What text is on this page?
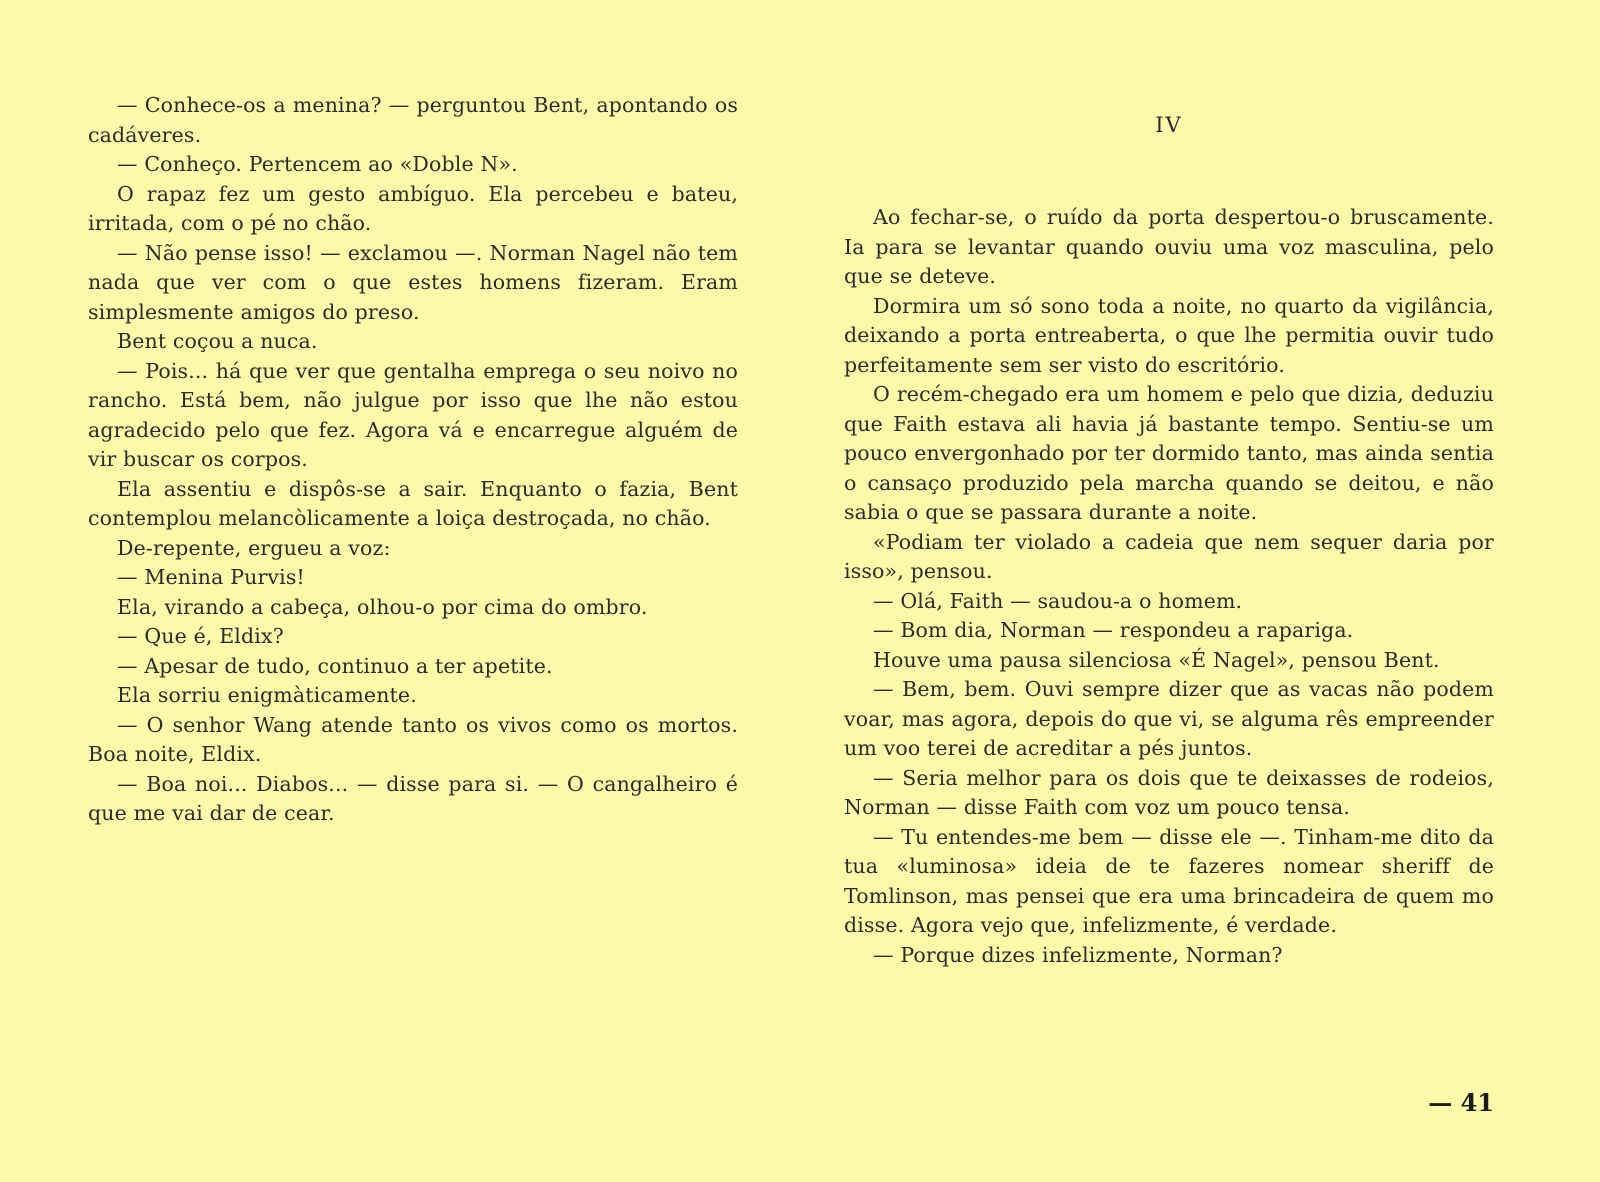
— Conhece-os a menina? — perguntou Bent, apontando os cadáveres.

— Conheço. Pertencem ao «Doble N».

O rapaz fez um gesto ambíguo. Ela percebeu e bateu, irritada, com o pé no chão.

— Não pense isso! — exclamou —. Norman Nagel não tem nada que ver com o que estes homens fizeram. Eram simplesmente amigos do preso.

Bent coçou a nuca.

— Pois... há que ver que gentalha emprega o seu noivo no rancho. Está bem, não julgue por isso que lhe não estou agradecido pelo que fez. Agora vá e encarregue alguém de vir buscar os corpos.

Ela assentiu e dispôs-se a sair. Enquanto o fazia, Bent contemplou melancòlicamente a loiça destroçada, no chão.

De-repente, ergueu a voz:

— Menina Purvis!

Ela, virando a cabeça, olhou-o por cima do ombro.

— Que é, Eldix?

— Apesar de tudo, continuo a ter apetite.

Ela sorriu enigmàticamente.

— O senhor Wang atende tanto os vivos como os mortos. Boa noite, Eldix.

— Boa noi... Diabos... — disse para si. — O cangalheiro é que me vai dar de cear.

IV

Ao fechar-se, o ruído da porta despertou-o bruscamente. Ia para se levantar quando ouviu uma voz masculina, pelo que se deteve.

Dormira um só sono toda a noite, no quarto da vigilância, deixando a porta entreaberta, o que lhe permitia ouvir tudo perfeitamente sem ser visto do escritório.

O recém-chegado era um homem e pelo que dizia, deduziu que Faith estava ali havia já bastante tempo. Sentiu-se um pouco envergonhado por ter dormido tanto, mas ainda sentia o cansaço produzido pela marcha quando se deitou, e não sabia o que se passara durante a noite.

«Podiam ter violado a cadeia que nem sequer daria por isso», pensou.

— Olá, Faith — saudou-a o homem.

— Bom dia, Norman — respondeu a rapariga.

Houve uma pausa silenciosa «É Nagel», pensou Bent.

— Bem, bem. Ouvi sempre dizer que as vacas não podem voar, mas agora, depois do que vi, se alguma rês empreender um voo terei de acreditar a pés juntos.

— Seria melhor para os dois que te deixasses de rodeios, Norman — disse Faith com voz um pouco tensa.

— Tu entendes-me bem — disse ele —. Tinham-me dito da tua «luminosa» ideia de te fazeres nomear sheriff de Tomlinson, mas pensei que era uma brincadeira de quem mo disse. Agora vejo que, infelizmente, é verdade.

— Porque dizes infelizmente, Norman?

— 41
